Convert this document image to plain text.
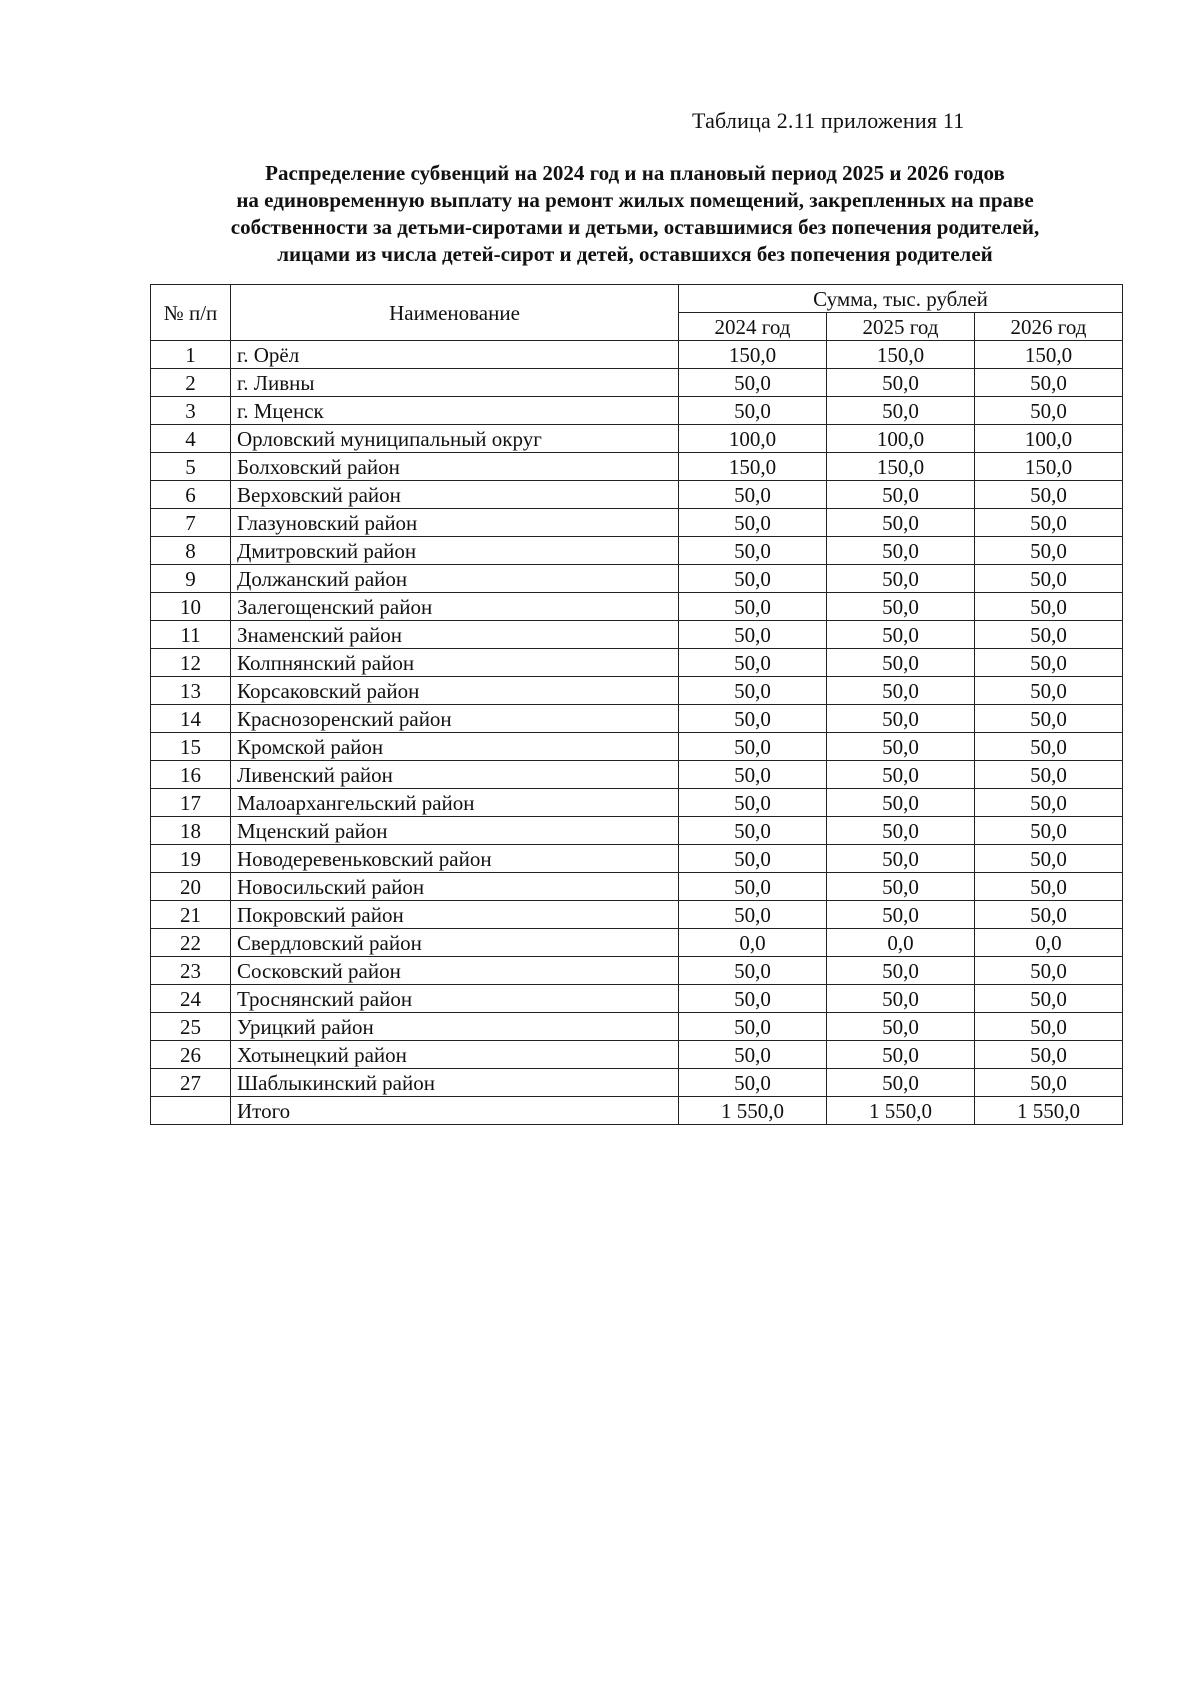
Таблица 2.11 приложения 11
Распределение субвенций на 2024 год и на плановый период 2025 и 2026 годов
на единовременную выплату на ремонт жилых помещений, закрепленных на праве
собственности за детьми-сиротами и детьми, оставшимися без попечения родителей,
лицами из числа детей-сирот и детей, оставшихся без попечения родителей
№ п/п	Наименование	Сумма, тыс. рублей		
		2024 год	2025 год	2026 год
1	г. Орёл	150,0	150,0	150,0
2	г. Ливны	50,0	50,0	50,0
3	г. Мценск	50,0	50,0	50,0
4	Орловский муниципальный округ	100,0	100,0	100,0
5	Болховский район	150,0	150,0	150,0
6	Верховский район	50,0	50,0	50,0
7	Глазуновский район	50,0	50,0	50,0
8	Дмитровский район	50,0	50,0	50,0
9	Должанский район	50,0	50,0	50,0
10	Залегощенский район	50,0	50,0	50,0
11	Знаменский район	50,0	50,0	50,0
12	Колпнянский район	50,0	50,0	50,0
13	Корсаковский район	50,0	50,0	50,0
14	Краснозоренский район	50,0	50,0	50,0
15	Кромской район	50,0	50,0	50,0
16	Ливенский район	50,0	50,0	50,0
17	Малоархангельский район	50,0	50,0	50,0
18	Мценский район	50,0	50,0	50,0
19	Новодеревеньковский район	50,0	50,0	50,0
20	Новосильский район	50,0	50,0	50,0
21	Покровский район	50,0	50,0	50,0
22	Свердловский район	0,0	0,0	0,0
23	Сосковский район	50,0	50,0	50,0
24	Троснянский район	50,0	50,0	50,0
25	Урицкий район	50,0	50,0	50,0
26	Хотынецкий район	50,0	50,0	50,0
27	Шаблыкинский район	50,0	50,0	50,0
	Итого	1 550,0	1 550,0	1 550,0
